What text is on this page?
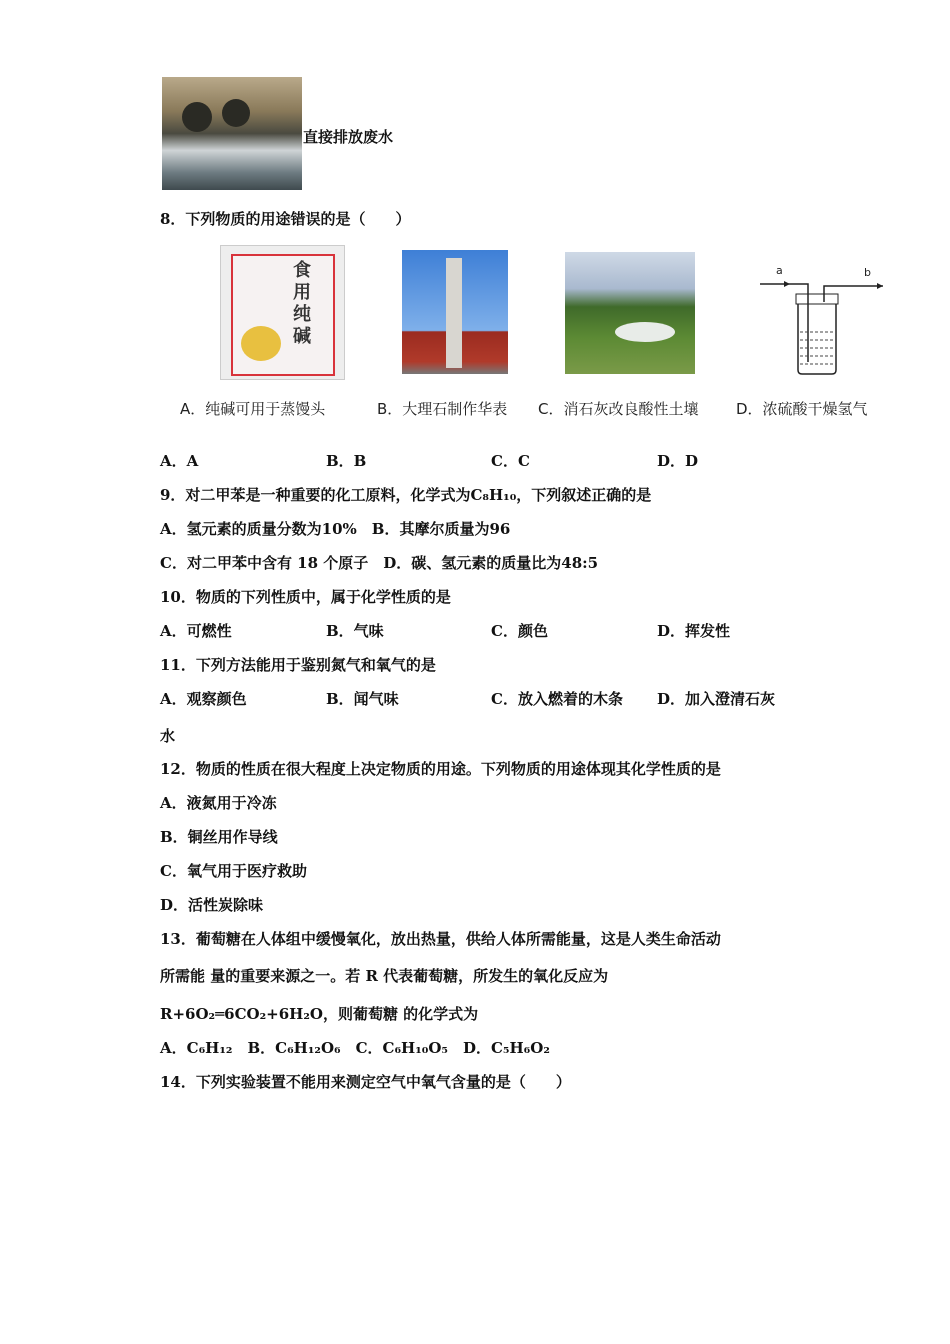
直接排放废水
8．下列物质的用途错误的是（　　）
食用纯碱
a	b
A．纯碱可用于蒸馒头	B．大理石制作华表 C．消石灰改良酸性土壤	D．浓硫酸干燥氢气
A．A	B．B	C．C	D．D
9．对二甲苯是一种重要的化工原料，化学式为C₈H₁₀，下列叙述正确的是
A．氢元素的质量分数为10%　B．其摩尔质量为96
C．对二甲苯中含有 18 个原子　D．碳、氢元素的质量比为48:5
10．物质的下列性质中，属于化学性质的是
A．可燃性	B．气味	C．颜色	D．挥发性
11．下列方法能用于鉴别氮气和氧气的是
A．观察颜色	B．闻气味	C．放入燃着的木条 D．加入澄清石灰
水
12．物质的性质在很大程度上决定物质的用途。下列物质的用途体现其化学性质的是
A．液氮用于冷冻
B．铜丝用作导线
C．氧气用于医疗救助
D．活性炭除味
13．葡萄糖在人体组中缓慢氧化，放出热量，供给人体所需能量，这是人类生命活动
所需能 量的重要来源之一。若 R 代表葡萄糖，所发生的氧化反应为
R+6O₂═6CO₂+6H₂O，则葡萄糖 的化学式为
A．C₆H₁₂　B．C₆H₁₂O₆　C．C₆H₁₀O₅　D．C₅H₆O₂
14．下列实验装置不能用来测定空气中氧气含量的是（　　）
